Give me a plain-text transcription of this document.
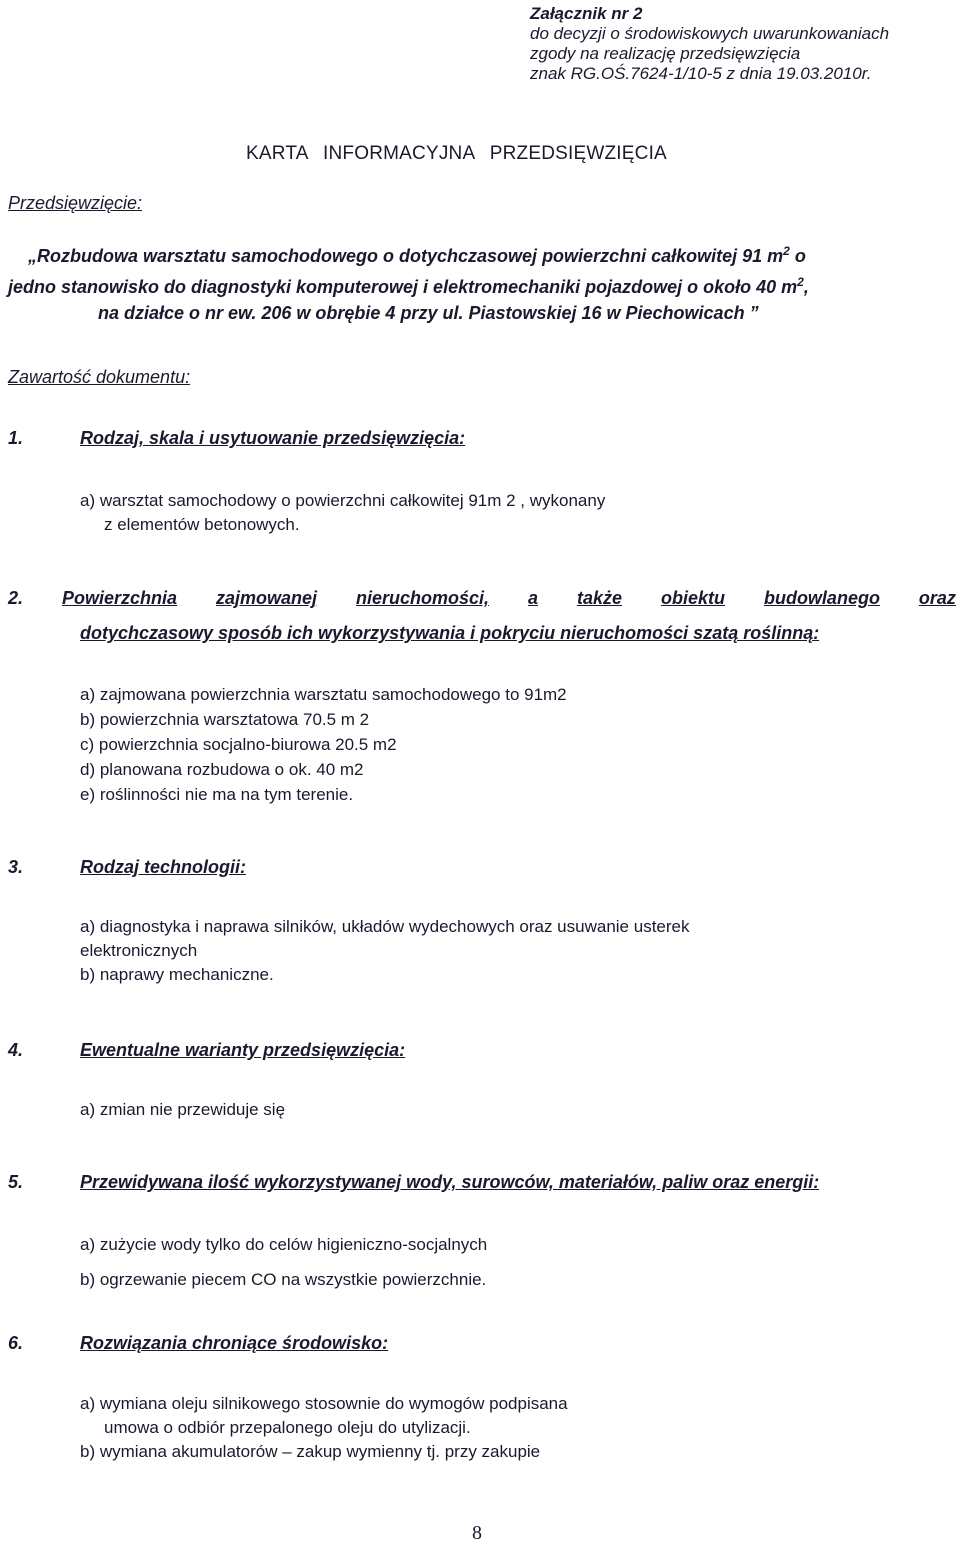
Załącznik nr 2

do decyzji o środowiskowych uwarunkowaniach

zgody na realizację przedsięwzięcia

znak RG.OŚ.7624-1/10-5 z dnia 19.03.2010r.

KARTA INFORMACYJNA PRZEDSIĘWZIĘCIA

Przedsięwzięcie:

„Rozbudowa warsztatu samochodowego o dotychczasowej powierzchni całkowitej 91 $m^2$ o
jedno stanowisko do diagnostyki komputerowej i elektromechaniki pojazdowej o około 40 $m^2$,
na działce o nr ew. 206 w obrębie 4 przy ul. Piastowskiej 16 w Piechowicach ”

Zawartość dokumentu:

1.	Rodzaj, skala i usytuowanie przedsięwzięcia:

a) warsztat samochodowy o powierzchni całkowitej 91m 2 , wykonany

z elementów betonowych.

2. Powierzchnia zajmowanej nieruchomości, a także obiektu budowlanego oraz

dotychczasowy sposób ich wykorzystywania i pokryciu nieruchomości szatą roślinną:

a) zajmowana powierzchnia warsztatu samochodowego to 91m2

b) powierzchnia warsztatowa 70.5 m 2

c) powierzchnia socjalno-biurowa 20.5 m2

d) planowana rozbudowa o ok. 40 m2

e) roślinności nie ma na tym terenie.

3.	Rodzaj technologii:

a) diagnostyka i naprawa silników, układów wydechowych oraz usuwanie usterek

elektronicznych

b) naprawy mechaniczne.

4.	Ewentualne warianty przedsięwzięcia:

a) zmian nie przewiduje się

5.	Przewidywana ilość wykorzystywanej wody, surowców, materiałów, paliw oraz energii:

a) zużycie wody tylko do celów higieniczno-socjalnych

b) ogrzewanie piecem CO na wszystkie powierzchnie.

6.	Rozwiązania chroniące środowisko:

a) wymiana oleju silnikowego stosownie do wymogów podpisana

umowa o odbiór przepalonego oleju do utylizacji.

b) wymiana akumulatorów – zakup wymienny tj. przy zakupie

8
